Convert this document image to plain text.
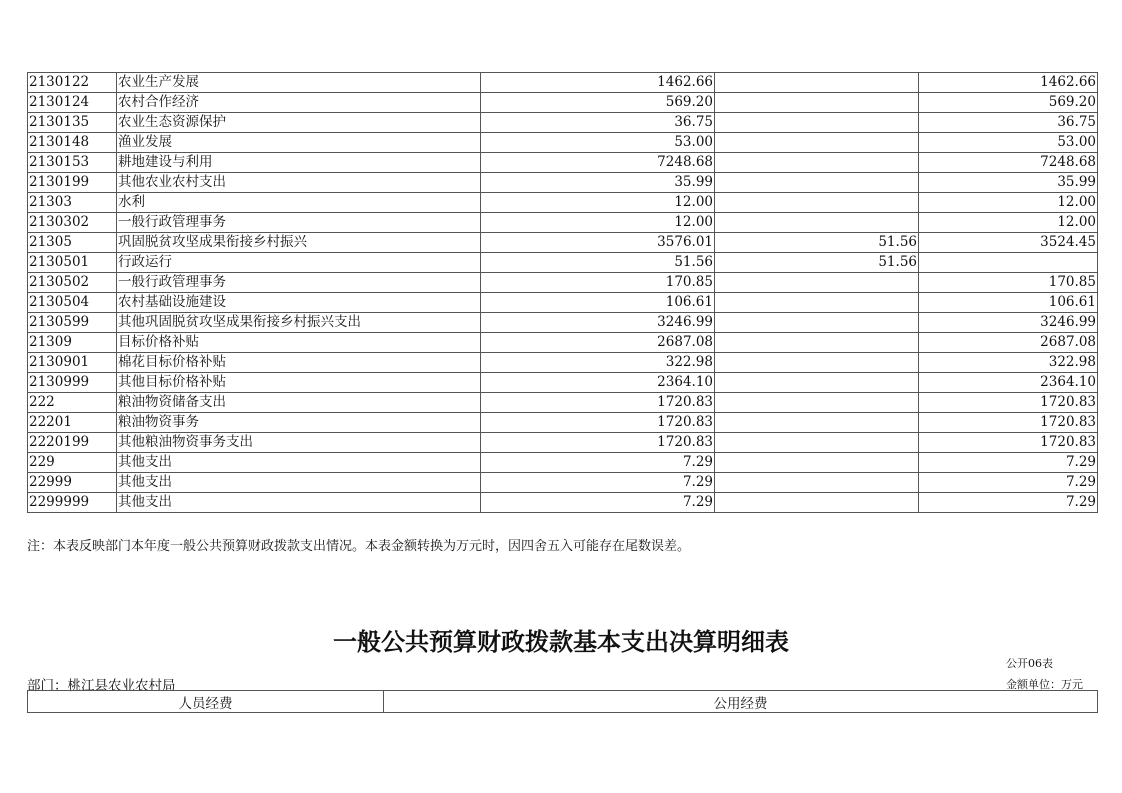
2130122	农业生产发展	1462.66		1462.66
2130124	农村合作经济	569.20		569.20
2130135	农业生态资源保护	36.75		36.75
2130148	渔业发展	53.00		53.00
2130153	耕地建设与利用	7248.68		7248.68
2130199	其他农业农村支出	35.99		35.99
21303	水利	12.00		12.00
2130302	一般行政管理事务	12.00		12.00
21305	巩固脱贫攻坚成果衔接乡村振兴	3576.01	51.56	3524.45
2130501	行政运行	51.56	51.56	
2130502	一般行政管理事务	170.85		170.85
2130504	农村基础设施建设	106.61		106.61
2130599	其他巩固脱贫攻坚成果衔接乡村振兴支出	3246.99		3246.99
21309	目标价格补贴	2687.08		2687.08
2130901	棉花目标价格补贴	322.98		322.98
2130999	其他目标价格补贴	2364.10		2364.10
222	粮油物资储备支出	1720.83		1720.83
22201	粮油物资事务	1720.83		1720.83
2220199	其他粮油物资事务支出	1720.83		1720.83
229	其他支出	7.29		7.29
22999	其他支出	7.29		7.29
2299999	其他支出	7.29		7.29
注：本表反映部门本年度一般公共预算财政拨款支出情况。本表金额转换为万元时，因四舍五入可能存在尾数误差。
一般公共预算财政拨款基本支出决算明细表
公开06表
部门：桃江县农业农村局	金额单位：万元
人员经费	公用经费
